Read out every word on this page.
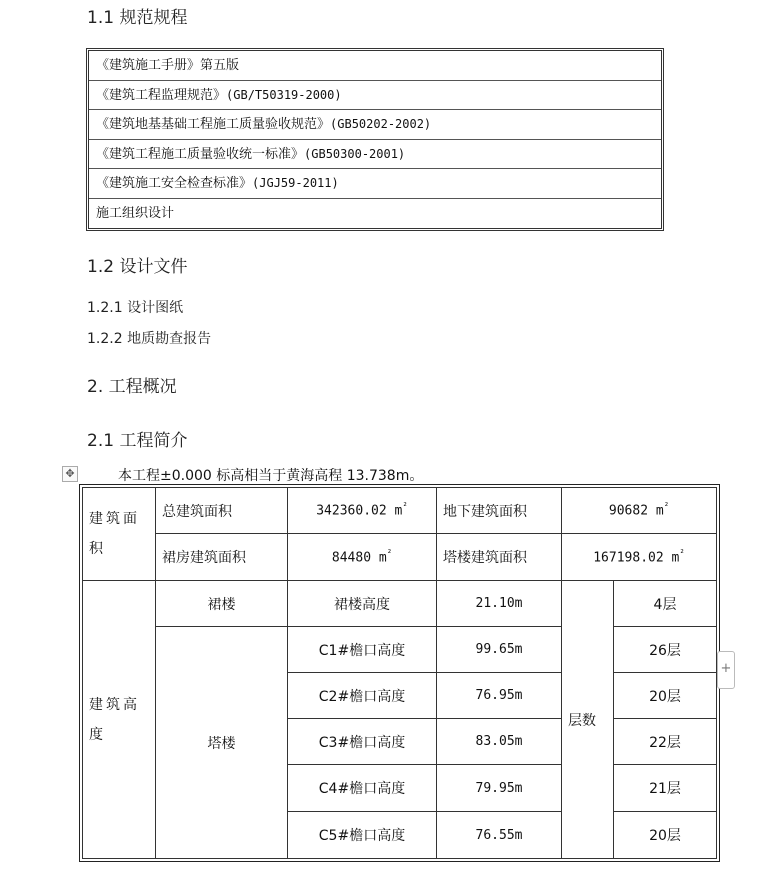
1.1 规范规程
《建筑施工手册》第五版
《建筑工程监理规范》(GB/T50319-2000)
《建筑地基基础工程施工质量验收规范》(GB50202-2002)
《建筑工程施工质量验收统一标准》(GB50300-2001)
《建筑施工安全检查标准》(JGJ59-2011)
施工组织设计
1.2 设计文件
1.2.1 设计图纸
1.2.2 地质勘查报告
2. 工程概况
2.1 工程简介
✥	本工程±0.000 标高相当于黄海高程 13.738m。
建筑面积	总建筑面积	342360.02 $m^{^2}$	地下建筑面积	90682 $m^{^2}$
	裙房建筑面积	84480 $m^{^2}$	塔楼建筑面积	167198.02 $m^{^2}$
建筑高度	裙楼	裙楼高度	21.10m	层数	4层
	塔楼	C1#檐口高度	99.65m		26层
		C2#檐口高度	76.95m		20层
		C3#檐口高度	83.05m		22层
		C4#檐口高度	79.95m		21层
		C5#檐口高度	76.55m		20层
+
